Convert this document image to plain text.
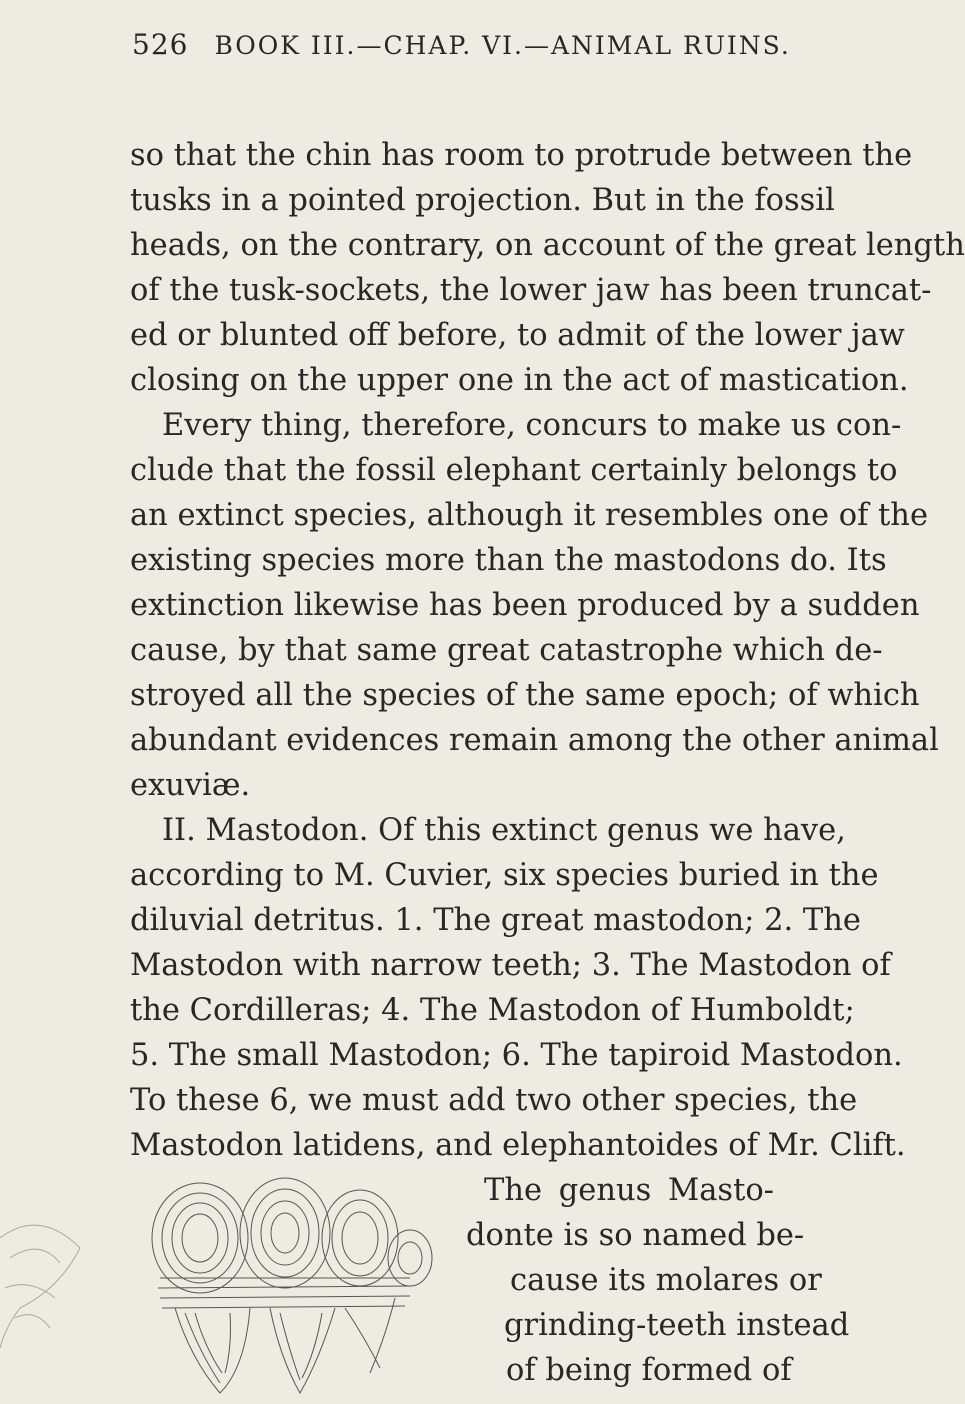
526 BOOK III.—CHAP. VI.—ANIMAL RUINS.
so that the chin has room to protrude between the
tusks in a pointed projection. But in the fossil
heads, on the contrary, on account of the great length
of the tusk-sockets, the lower jaw has been truncat-
ed or blunted off before, to admit of the lower jaw
closing on the upper one in the act of mastication.
Every thing, therefore, concurs to make us con-
clude that the fossil elephant certainly belongs to
an extinct species, although it resembles one of the
existing species more than the mastodons do. Its
extinction likewise has been produced by a sudden
cause, by that same great catastrophe which de-
stroyed all the species of the same epoch; of which
abundant evidences remain among the other animal
exuviæ.
II. Mastodon. Of this extinct genus we have,
according to M. Cuvier, six species buried in the
diluvial detritus. 1. The great mastodon; 2. The
Mastodon with narrow teeth; 3. The Mastodon of
the Cordilleras; 4. The Mastodon of Humboldt;
5. The small Mastodon; 6. The tapiroid Mastodon.
To these 6, we must add two other species, the
Mastodon latidens, and elephantoides of Mr. Clift.
The genus Masto-
donte is so named be-
cause its molares or
grinding-teeth instead
of being formed of
